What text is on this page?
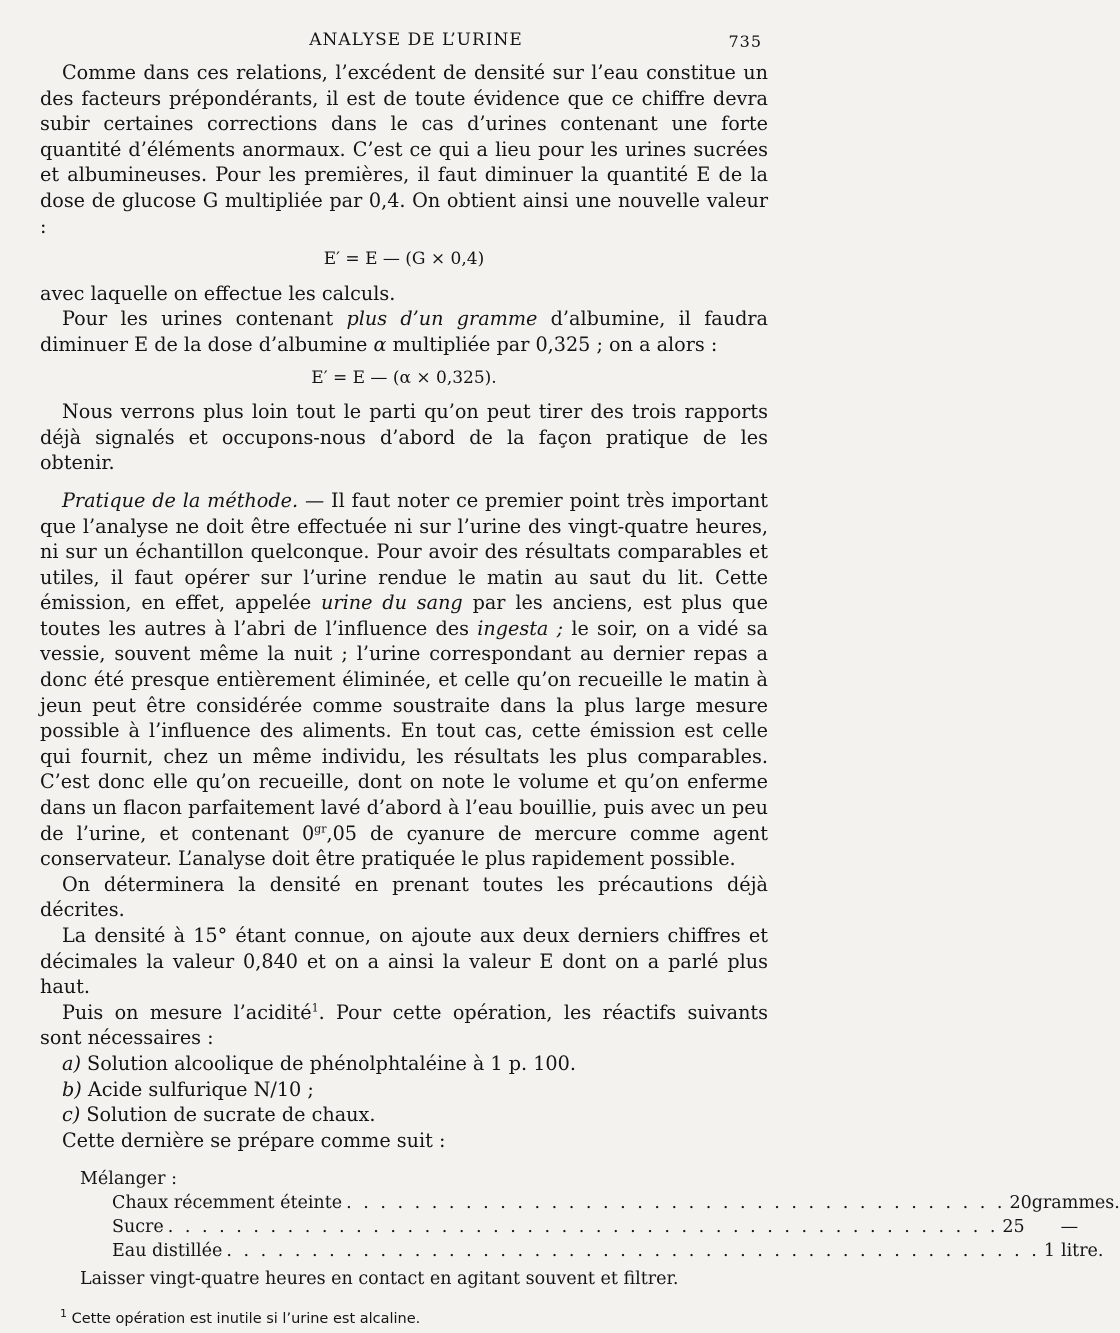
ANALYSE DE L’URINE	735

Comme dans ces relations, l’excédent de densité sur l’eau constitue un des facteurs prépondérants, il est de toute évidence que ce chiffre devra subir certaines corrections dans le cas d’urines contenant une forte quantité d’éléments anormaux. C’est ce qui a lieu pour les urines sucrées et albumineuses. Pour les premières, il faut diminuer la quantité E de la dose de glucose G multipliée par 0,4. On obtient ainsi une nouvelle valeur :

E′ = E — (G × 0,4)

avec laquelle on effectue les calculs.

Pour les urines contenant plus d’un gramme d’albumine, il faudra diminuer E de la dose d’albumine α multipliée par 0,325 ; on a alors :

E′ = E — (α × 0,325).

Nous verrons plus loin tout le parti qu’on peut tirer des trois rapports déjà signalés et occupons-nous d’abord de la façon pratique de les obtenir.

Pratique de la méthode. — Il faut noter ce premier point très important que l’analyse ne doit être effectuée ni sur l’urine des vingt-quatre heures, ni sur un échantillon quelconque. Pour avoir des résultats comparables et utiles, il faut opérer sur l’urine rendue le matin au saut du lit. Cette émission, en effet, appelée urine du sang par les anciens, est plus que toutes les autres à l’abri de l’influence des ingesta ; le soir, on a vidé sa vessie, souvent même la nuit ; l’urine correspondant au dernier repas a donc été presque entièrement éliminée, et celle qu’on recueille le matin à jeun peut être considérée comme soustraite dans la plus large mesure possible à l’influence des aliments. En tout cas, cette émission est celle qui fournit, chez un même individu, les résultats les plus comparables. C’est donc elle qu’on recueille, dont on note le volume et qu’on enferme dans un flacon parfaitement lavé d’abord à l’eau bouillie, puis avec un peu de l’urine, et contenant $0^{gr},05$ de cyanure de mercure comme agent conservateur. L’analyse doit être pratiquée le plus rapidement possible.

On déterminera la densité en prenant toutes les précautions déjà décrites.

La densité à 15° étant connue, on ajoute aux deux derniers chiffres et décimales la valeur 0,840 et on a ainsi la valeur E dont on a parlé plus haut.

Puis on mesure l’acidité$^1$. Pour cette opération, les réactifs suivants sont nécessaires :

a) Solution alcoolique de phénolphtaléine à 1 p. 100.
b) Acide sulfurique N/10 ;
c) Solution de sucrate de chaux.

Cette dernière se prépare comme suit :

Mélanger :
Chaux récemment éteinte . . . . . . . . . . . . . . . . . . . . . . . . . . . . . . . . . . . . . . . 20 grammes.
Sucre . . . . . . . . . . . . . . . . . . . . . . . . . . . . . . . . . . . . . . . . . . . . . . . . . 25	—
Eau distillée . . . . . . . . . . . . . . . . . . . . . . . . . . . . . . . . . . . . . . . . . . . . . . . . 1 litre.
Laisser vingt-quatre heures en contact en agitant souvent et filtrer.
$^1$ Cette opération est inutile si l’urine est alcaline.
